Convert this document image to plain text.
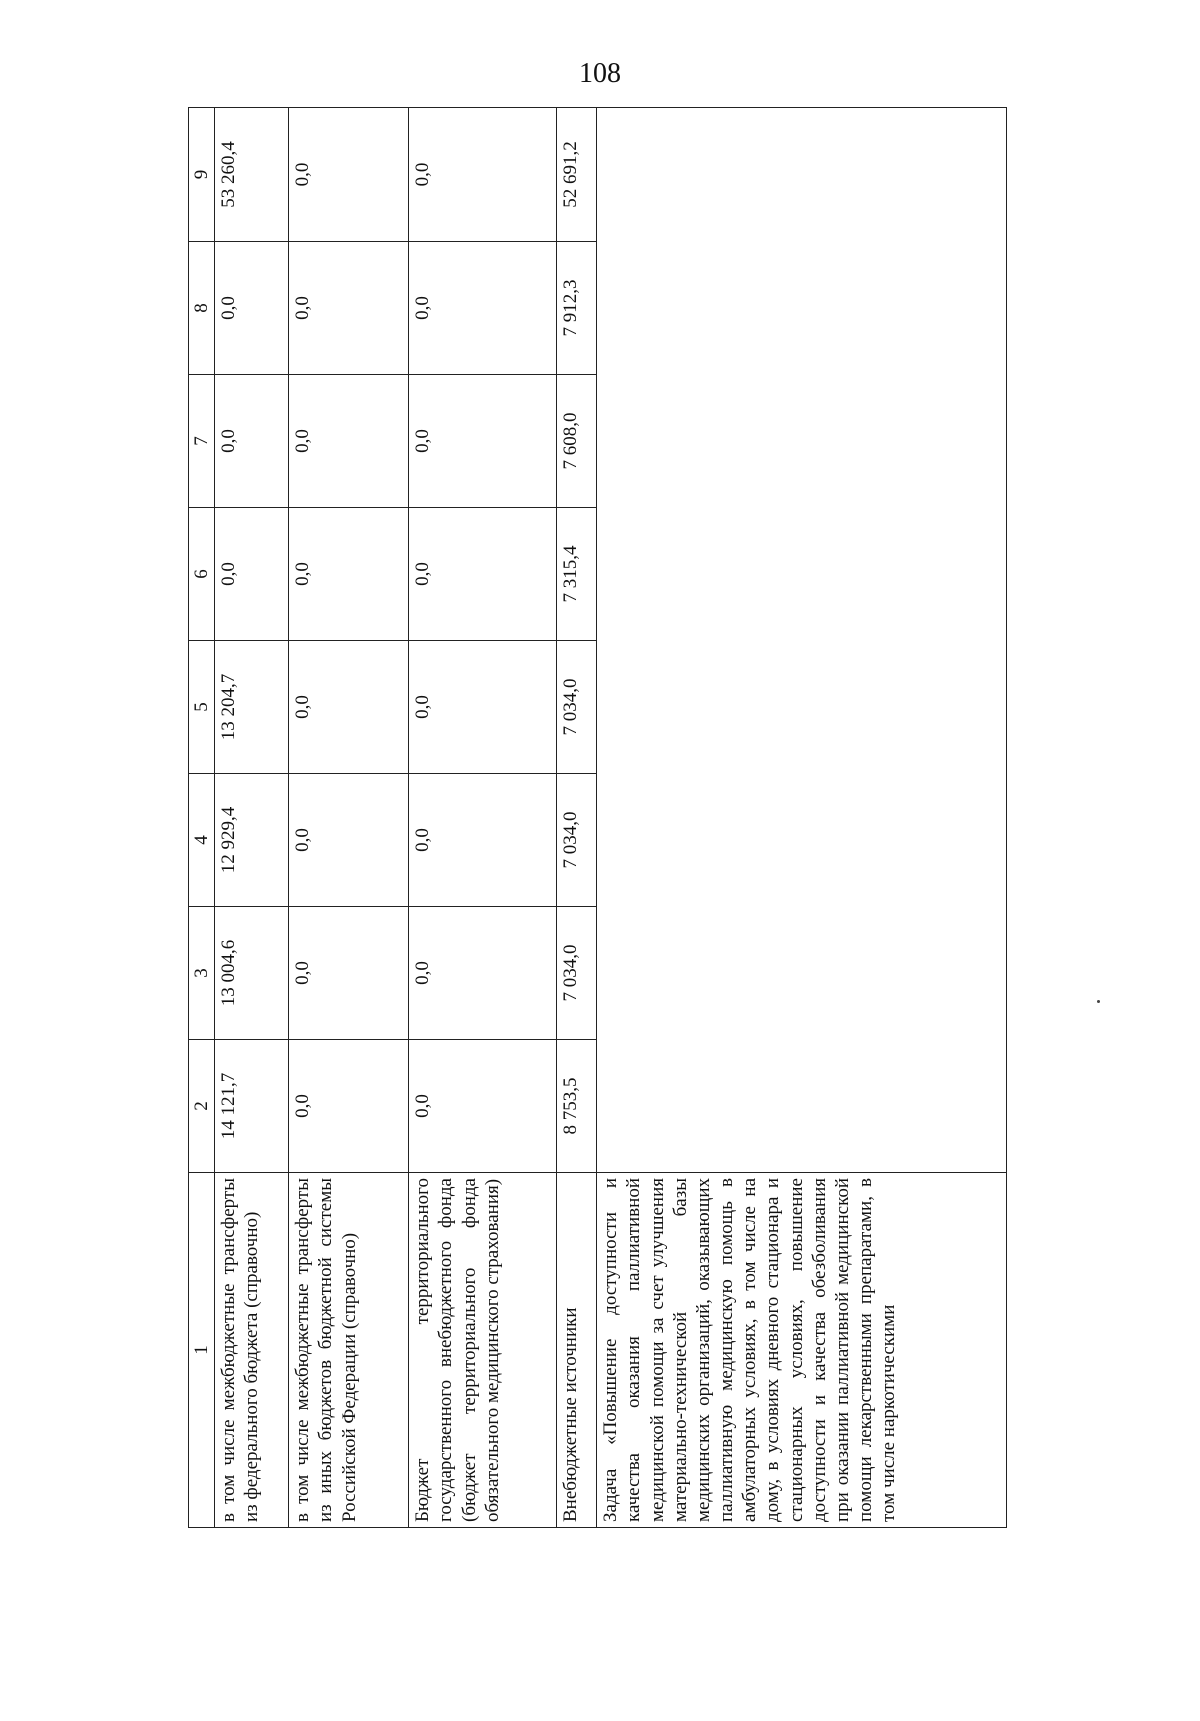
108
1	2	3	4	5	6	7	8	9
в том числе межбюджетные трансферты из федерального бюджета (справочно)	14 121,7	13 004,6	12 929,4	13 204,7	0,0	0,0	0,0	53 260,4
в том числе межбюджетные трансферты из иных бюджетов бюджетной системы Российской Федерации (справочно)	0,0	0,0	0,0	0,0	0,0	0,0	0,0	0,0
Бюджет территориального государственного внебюджетного фонда (бюджет территориального фонда обязательного медицинского страхования)	0,0	0,0	0,0	0,0	0,0	0,0	0,0	0,0
Внебюджетные источники	8 753,5	7 034,0	7 034,0	7 034,0	7 315,4	7 608,0	7 912,3	52 691,2
Задача «Повышение доступности и качества оказания паллиативной медицинской помощи за счет улучшения материально-технической базы медицинских организаций, оказывающих паллиативную медицинскую помощь в амбулаторных условиях, в том числе на дому, в условиях дневного стационара и стационарных условиях, повышение доступности и качества обезболивания при оказании паллиативной медицинской помощи лекарственными препаратами, в том числе наркотическими								
